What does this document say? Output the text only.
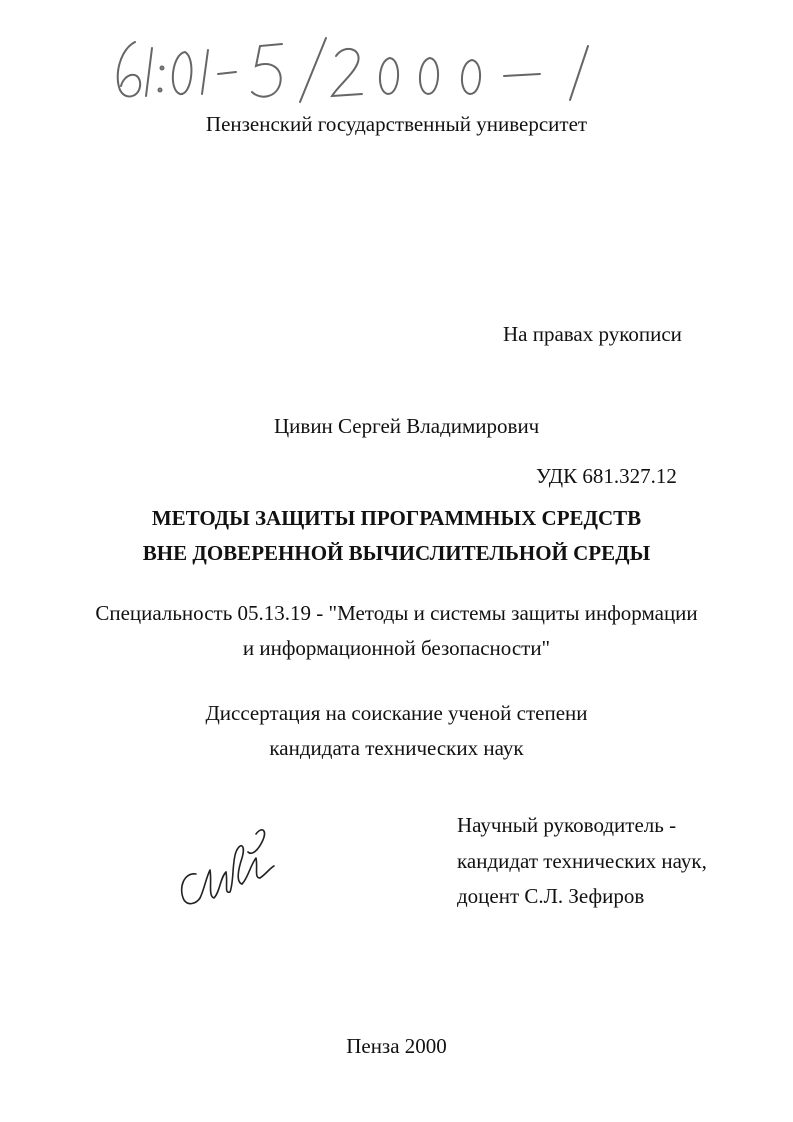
Пензенский государственный университет
На правах рукописи
Цивин Сергей Владимирович
УДК 681.327.12
МЕТОДЫ ЗАЩИТЫ ПРОГРАММНЫХ СРЕДСТВ
ВНЕ ДОВЕРЕННОЙ ВЫЧИСЛИТЕЛЬНОЙ СРЕДЫ
Специальность 05.13.19 - "Методы и системы защиты информации
и информационной безопасности"
Диссертация на соискание ученой степени
кандидата технических наук
Научный руководитель -
кандидат технических наук,
доцент С.Л. Зефиров
Пенза 2000
